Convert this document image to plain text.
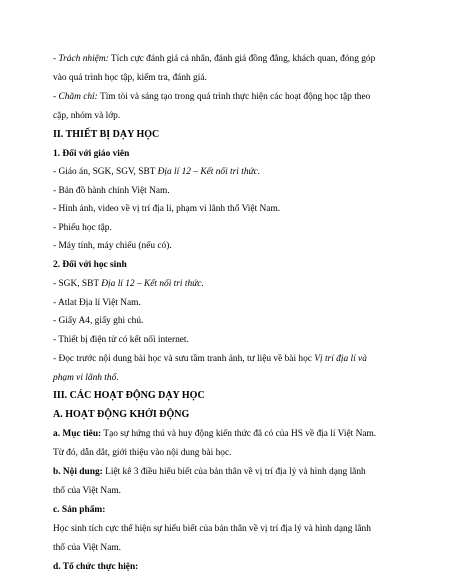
- Trách nhiệm: Tích cực đánh giá cá nhân, đánh giá đồng đẳng, khách quan, đóng góp
vào quá trình học tập, kiểm tra, đánh giá.
- Chăm chỉ: Tìm tòi và sáng tạo trong quá trình thực hiện các hoạt động học tập theo
cặp, nhóm và lớp.
II. THIẾT BỊ DẠY HỌC
1. Đối với giáo viên
- Giáo án, SGK, SGV, SBT Địa lí 12 – Kết nối tri thức.
- Bản đồ hành chính Việt Nam.
- Hình ảnh, video về vị trí địa lí, phạm vi lãnh thổ Việt Nam.
- Phiếu học tập.
- Máy tính, máy chiếu (nếu có).
2. Đối với học sinh
- SGK, SBT Địa lí 12 – Kết nối tri thức.
- Atlat Địa lí Việt Nam.
- Giấy A4, giấy ghi chú.
- Thiết bị điện tử có kết nối internet.
- Đọc trước nội dung bài học và sưu tầm tranh ảnh, tư liệu về bài học Vị trí địa lí và
phạm vi lãnh thổ.
III. CÁC HOẠT ĐỘNG DẠY HỌC
A. HOẠT ĐỘNG KHỞI ĐỘNG
a. Mục tiêu: Tạo sự hứng thú và huy động kiến thức đã có của HS về địa lí Việt Nam.
Từ đó, dẫn dắt, giới thiệu vào nội dung bài học.
b. Nội dung: Liệt kê 3 điều hiểu biết của bản thân về vị trí địa lý và hình dạng lãnh
thổ của Việt Nam.
c. Sản phẩm:
Học sinh tích cực thể hiện sự hiểu biết của bản thân về vị trí địa lý và hình dạng lãnh
thổ của Việt Nam.
d. Tổ chức thực hiện:
